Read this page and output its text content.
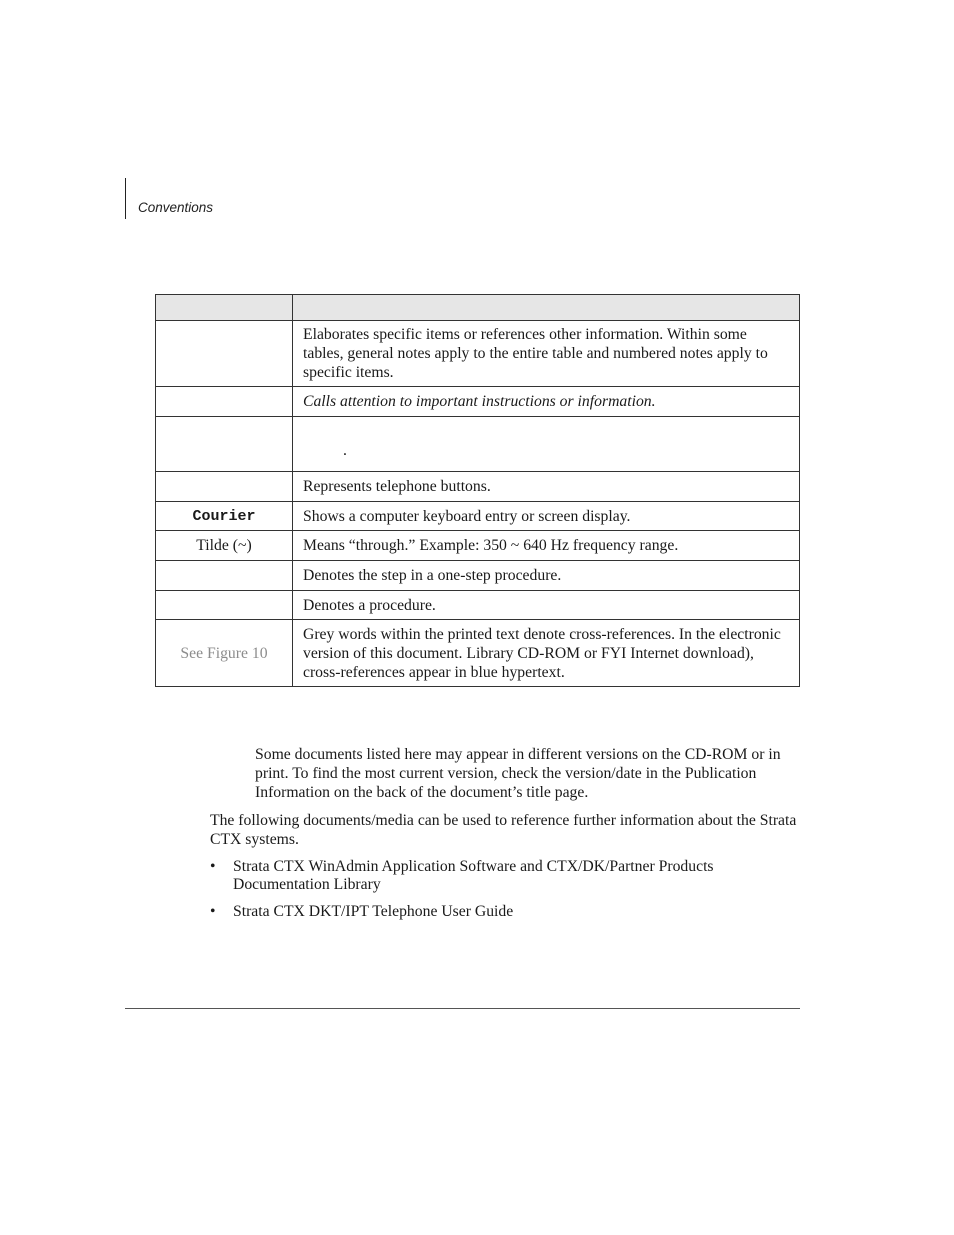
Conventions

	Elaborates specific items or references other information. Within some tables, general notes apply to the entire table and numbered notes apply to specific items.
	Calls attention to important instructions or information.
	.
	Represents telephone buttons.
Courier	Shows a computer keyboard entry or screen display.
Tilde (~)	Means “through.” Example: 350 ~ 640 Hz frequency range.
	Denotes the step in a one-step procedure.
	Denotes a procedure.
See Figure 10	Grey words within the printed text denote cross-references. In the electronic version of this document. Library CD-ROM or FYI Internet download), cross-references appear in blue hypertext.

Some documents listed here may appear in different versions on the CD-ROM or in print. To find the most current version, check the version/date in the Publication Information on the back of the document’s title page.

The following documents/media can be used to reference further information about the Strata CTX systems.

• Strata CTX WinAdmin Application Software and CTX/DK/Partner Products Documentation Library
• Strata CTX DKT/IPT Telephone User Guide
